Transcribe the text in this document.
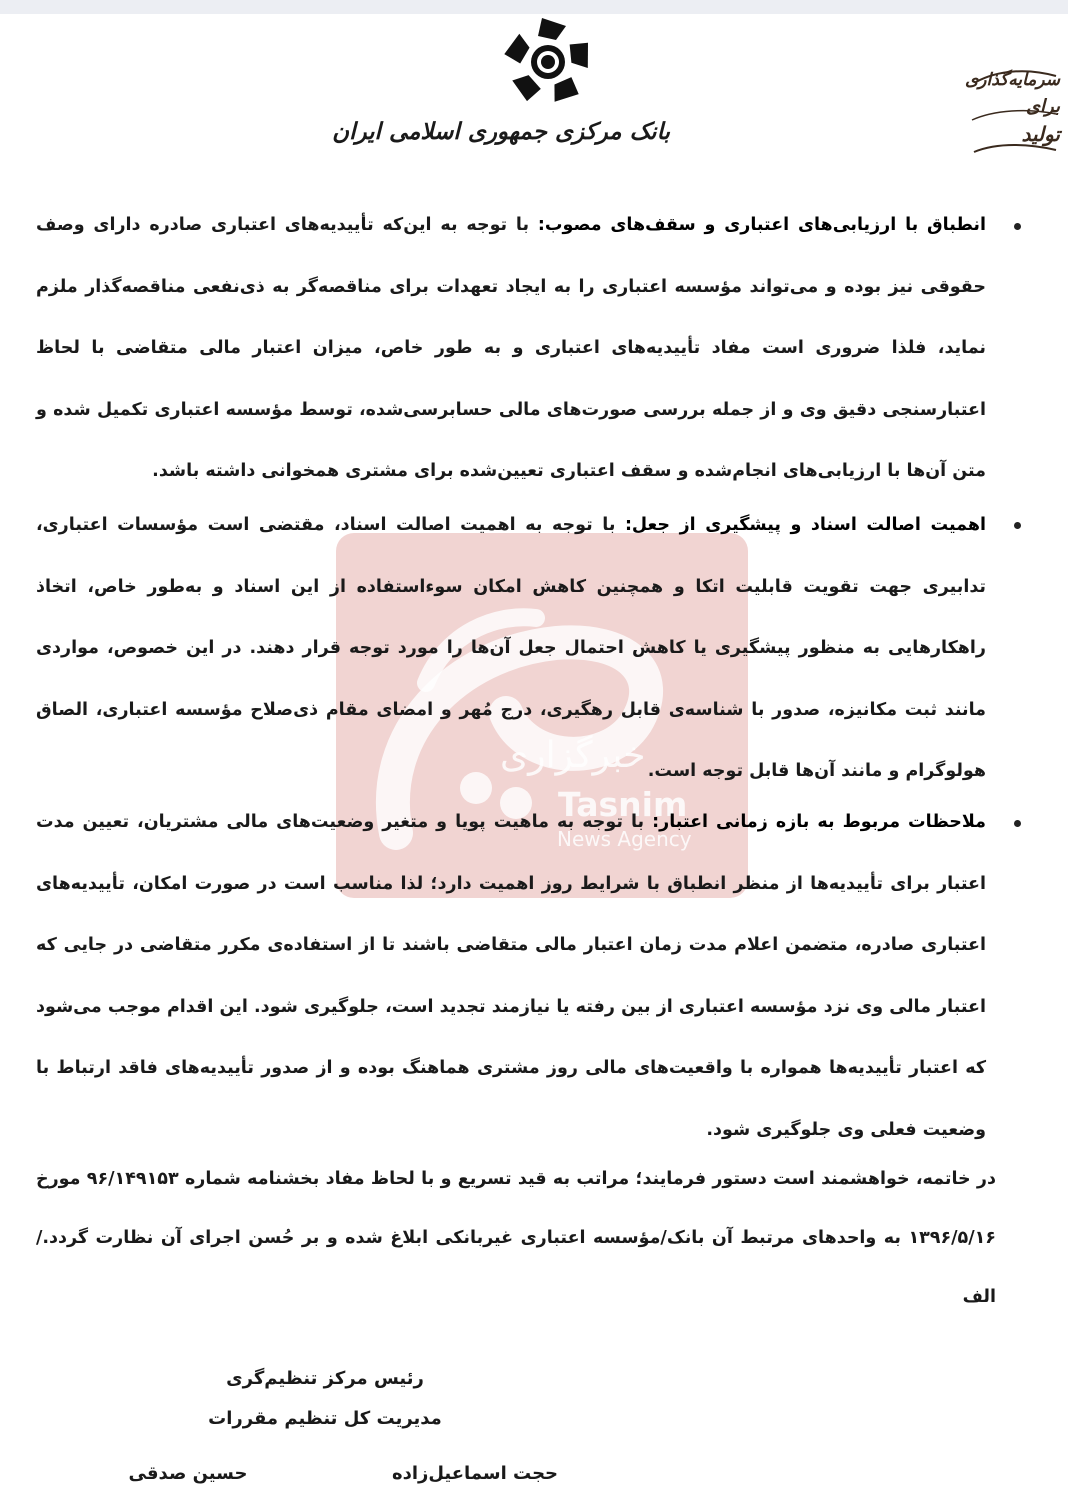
بانک مرکزی جمهوری اسلامی ایران
سرمایه‌گذاری
برای
تولید
خبرگزاری
Tasnim
News Agency
انطباق با ارزیابی‌های اعتباری و سقف‌های مصوب: با توجه به این‌که تأییدیه‌های اعتباری صادره دارای وصف حقوقی نیز بوده و می‌تواند مؤسسه اعتباری را به ایجاد تعهدات برای مناقصه‌گر به ذی‌نفعی مناقصه‌گذار ملزم نماید، فلذا ضروری است مفاد تأییدیه‌های اعتباری و به طور خاص، میزان اعتبار مالی متقاضی با لحاظ اعتبارسنجی دقیق وی و از جمله بررسی صورت‌های مالی حسابرسی‌شده، توسط مؤسسه اعتباری تکمیل شده و متن آن‌ها با ارزیابی‌های انجام‌شده و سقف اعتباری تعیین‌شده برای مشتری همخوانی داشته باشد.
اهمیت اصالت اسناد و پیشگیری از جعل: با توجه به اهمیت اصالت اسناد، مقتضی است مؤسسات اعتباری، تدابیری جهت تقویت قابلیت اتکا و همچنین کاهش امکان سوءاستفاده از این اسناد و به‌طور خاص، اتخاذ راهکارهایی به منظور پیشگیری یا کاهش احتمال جعل آن‌ها را مورد توجه قرار دهند. در این خصوص، مواردی مانند ثبت مکانیزه، صدور با شناسه‌ی قابل رهگیری، درج مُهر و امضای مقام ذی‌صلاح مؤسسه اعتباری، الصاق هولوگرام و مانند آن‌ها قابل توجه است.
ملاحظات مربوط به بازه زمانی اعتبار: با توجه به ماهیت پویا و متغیر وضعیت‌های مالی مشتریان، تعیین مدت اعتبار برای تأییدیه‌ها از منظر انطباق با شرایط روز اهمیت دارد؛ لذا مناسب است در صورت امکان، تأییدیه‌های اعتباری صادره، متضمن اعلام مدت زمان اعتبار مالی متقاضی باشند تا از استفاده‌ی مکرر متقاضی در جایی که اعتبار مالی وی نزد مؤسسه اعتباری از بین رفته یا نیازمند تجدید است، جلوگیری شود. این اقدام موجب می‌شود که اعتبار تأییدیه‌ها همواره با واقعیت‌های مالی روز مشتری هماهنگ بوده و از صدور تأییدیه‌های فاقد ارتباط با وضعیت فعلی وی جلوگیری شود.
در خاتمه، خواهشمند است دستور فرمایند؛ مراتب به قید تسریع و با لحاظ مفاد بخشنامه شماره ۹۶/۱۴۹۱۵۳ مورخ ۱۳۹۶/۵/۱۶ به واحدهای مرتبط آن بانک/مؤسسه اعتباری غیربانکی ابلاغ شده و بر حُسن اجرای آن نظارت گردد./الف
رئیس مرکز تنظیم‌گری
مدیریت کل تنظیم مقررات
حجت اسماعیل‌زاده
حسین صدقی
